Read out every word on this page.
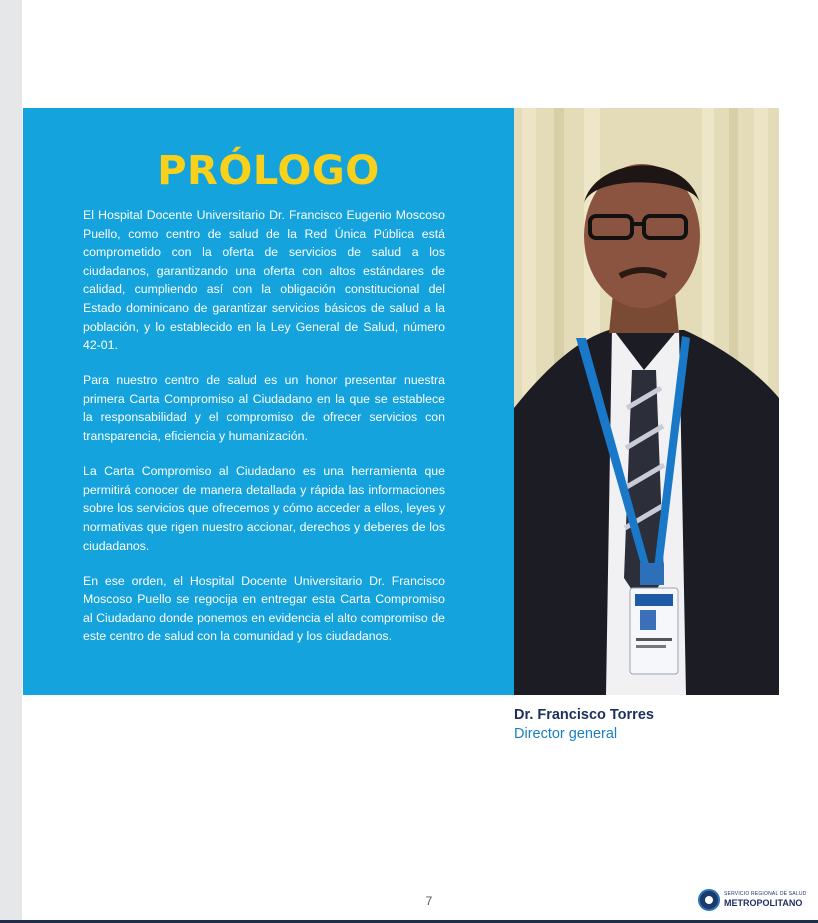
PRÓLOGO

El Hospital Docente Universitario Dr. Francisco Eugenio Moscoso Puello, como centro de salud de la Red Única Pública está comprometido con la oferta de servicios de salud a los ciudadanos, garantizando una oferta con altos estándares de calidad, cumpliendo así con la obligación constitucional del Estado dominicano de garantizar servicios básicos de salud a la población, y lo establecido en la Ley General de Salud, número 42-01.

Para nuestro centro de salud es un honor presentar nuestra primera Carta Compromiso al Ciudadano en la que se establece la responsabilidad y el compromiso de ofrecer servicios con transparencia, eficiencia y humanización.

La Carta Compromiso al Ciudadano es una herramienta que permitirá conocer de manera detallada y rápida las informaciones sobre los servicios que ofrecemos y cómo acceder a ellos, leyes y normativas que rigen nuestro accionar, derechos y deberes de los ciudadanos.

En ese orden, el Hospital Docente Universitario Dr. Francisco Moscoso Puello se regocija en entregar esta Carta Compromiso al Ciudadano donde ponemos en evidencia el alto compromiso de este centro de salud con la comunidad y los ciudadanos.

Dr. Francisco Torres
Director general
7	SERVICIO REGIONAL DE SALUD
METROPOLITANO
